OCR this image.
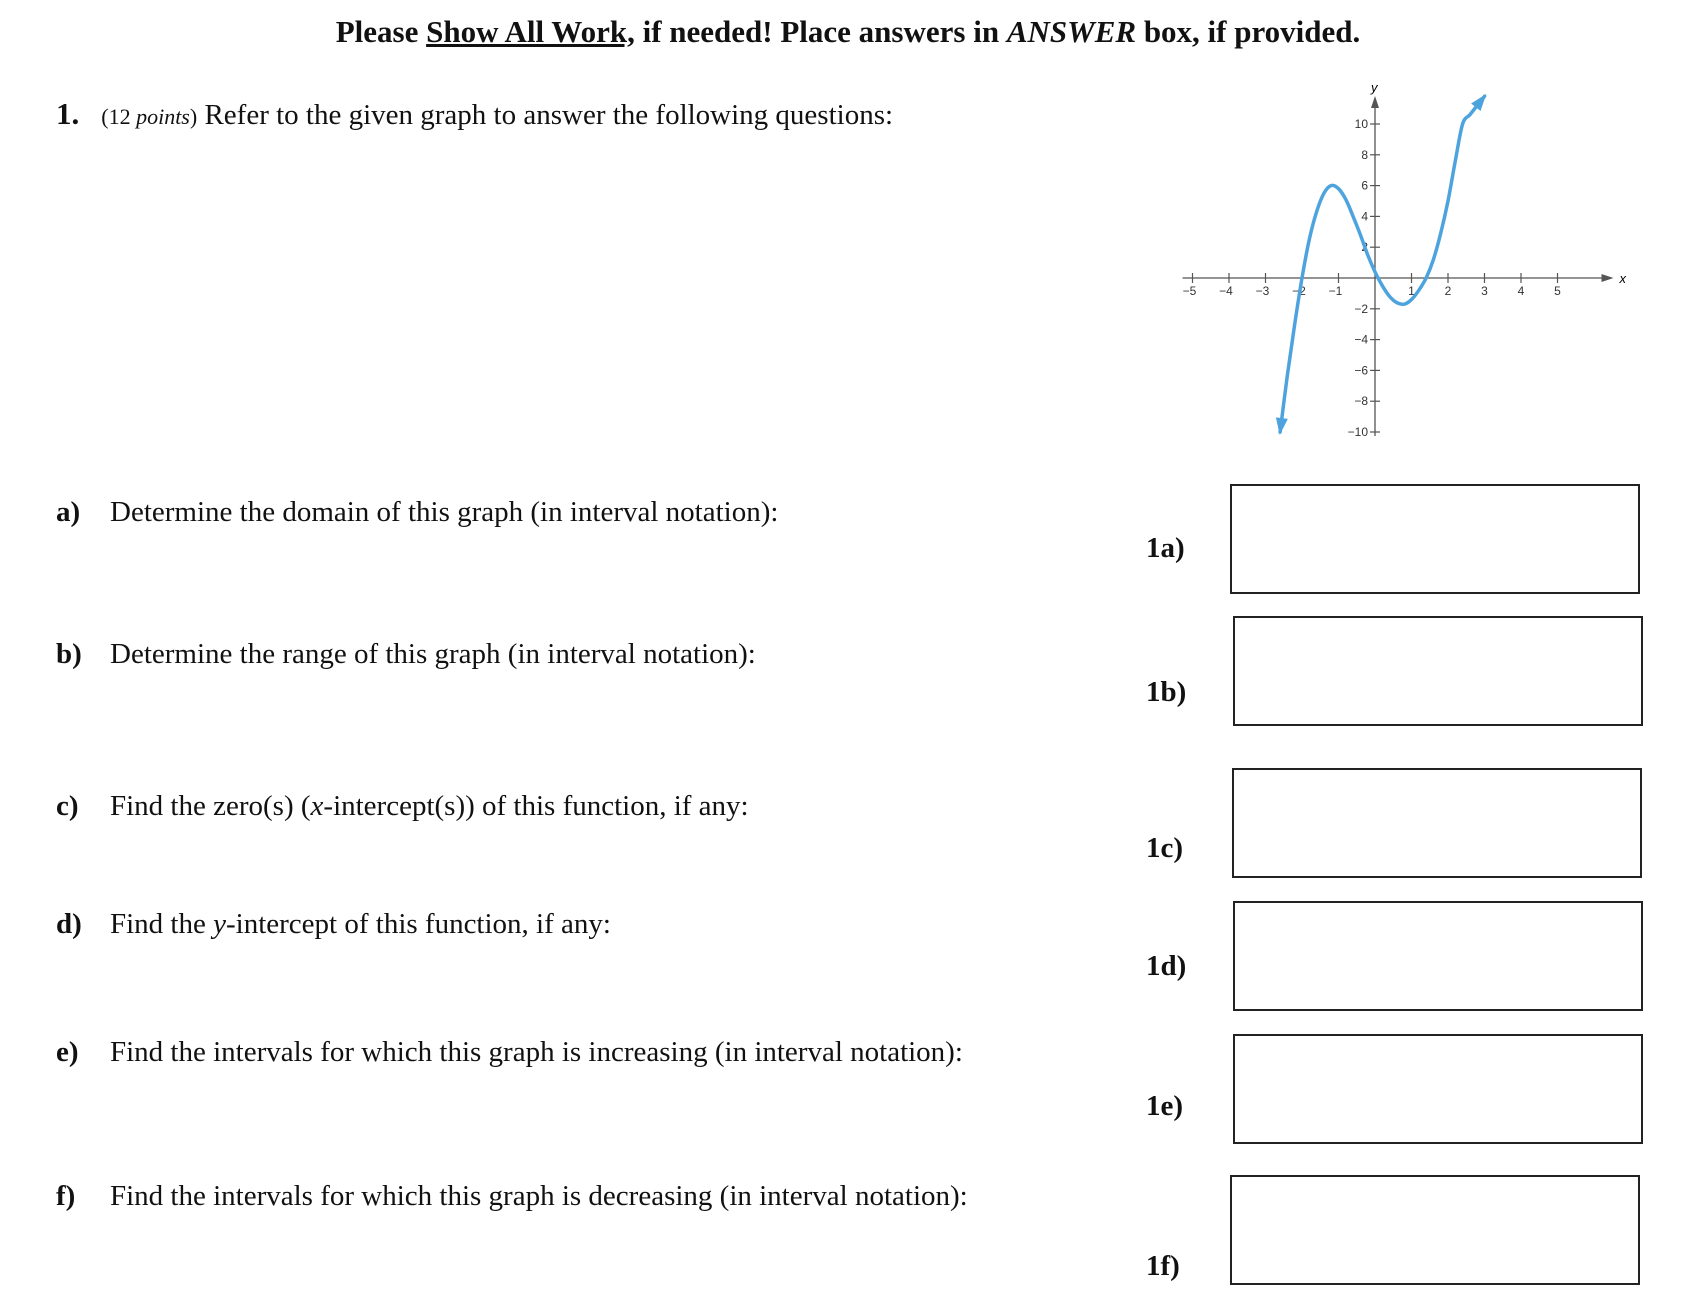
Please Show All Work, if needed! Place answers in ANSWER box, if provided.
1. (12 points) Refer to the given graph to answer the following questions:
−5 −4 −3 −2 −1	1 2 3 4 5
−10
−8
−6
−4
−2
2
4
6
8
10
x
y
a) Determine the domain of this graph (in interval notation):
1a)
b) Determine the range of this graph (in interval notation):
1b)
c) Find the zero(s) (x-intercept(s)) of this function, if any:
1c)
d) Find the y-intercept of this function, if any:
1d)
e) Find the intervals for which this graph is increasing (in interval notation):
1e)
f) Find the intervals for which this graph is decreasing (in interval notation):
1f)
